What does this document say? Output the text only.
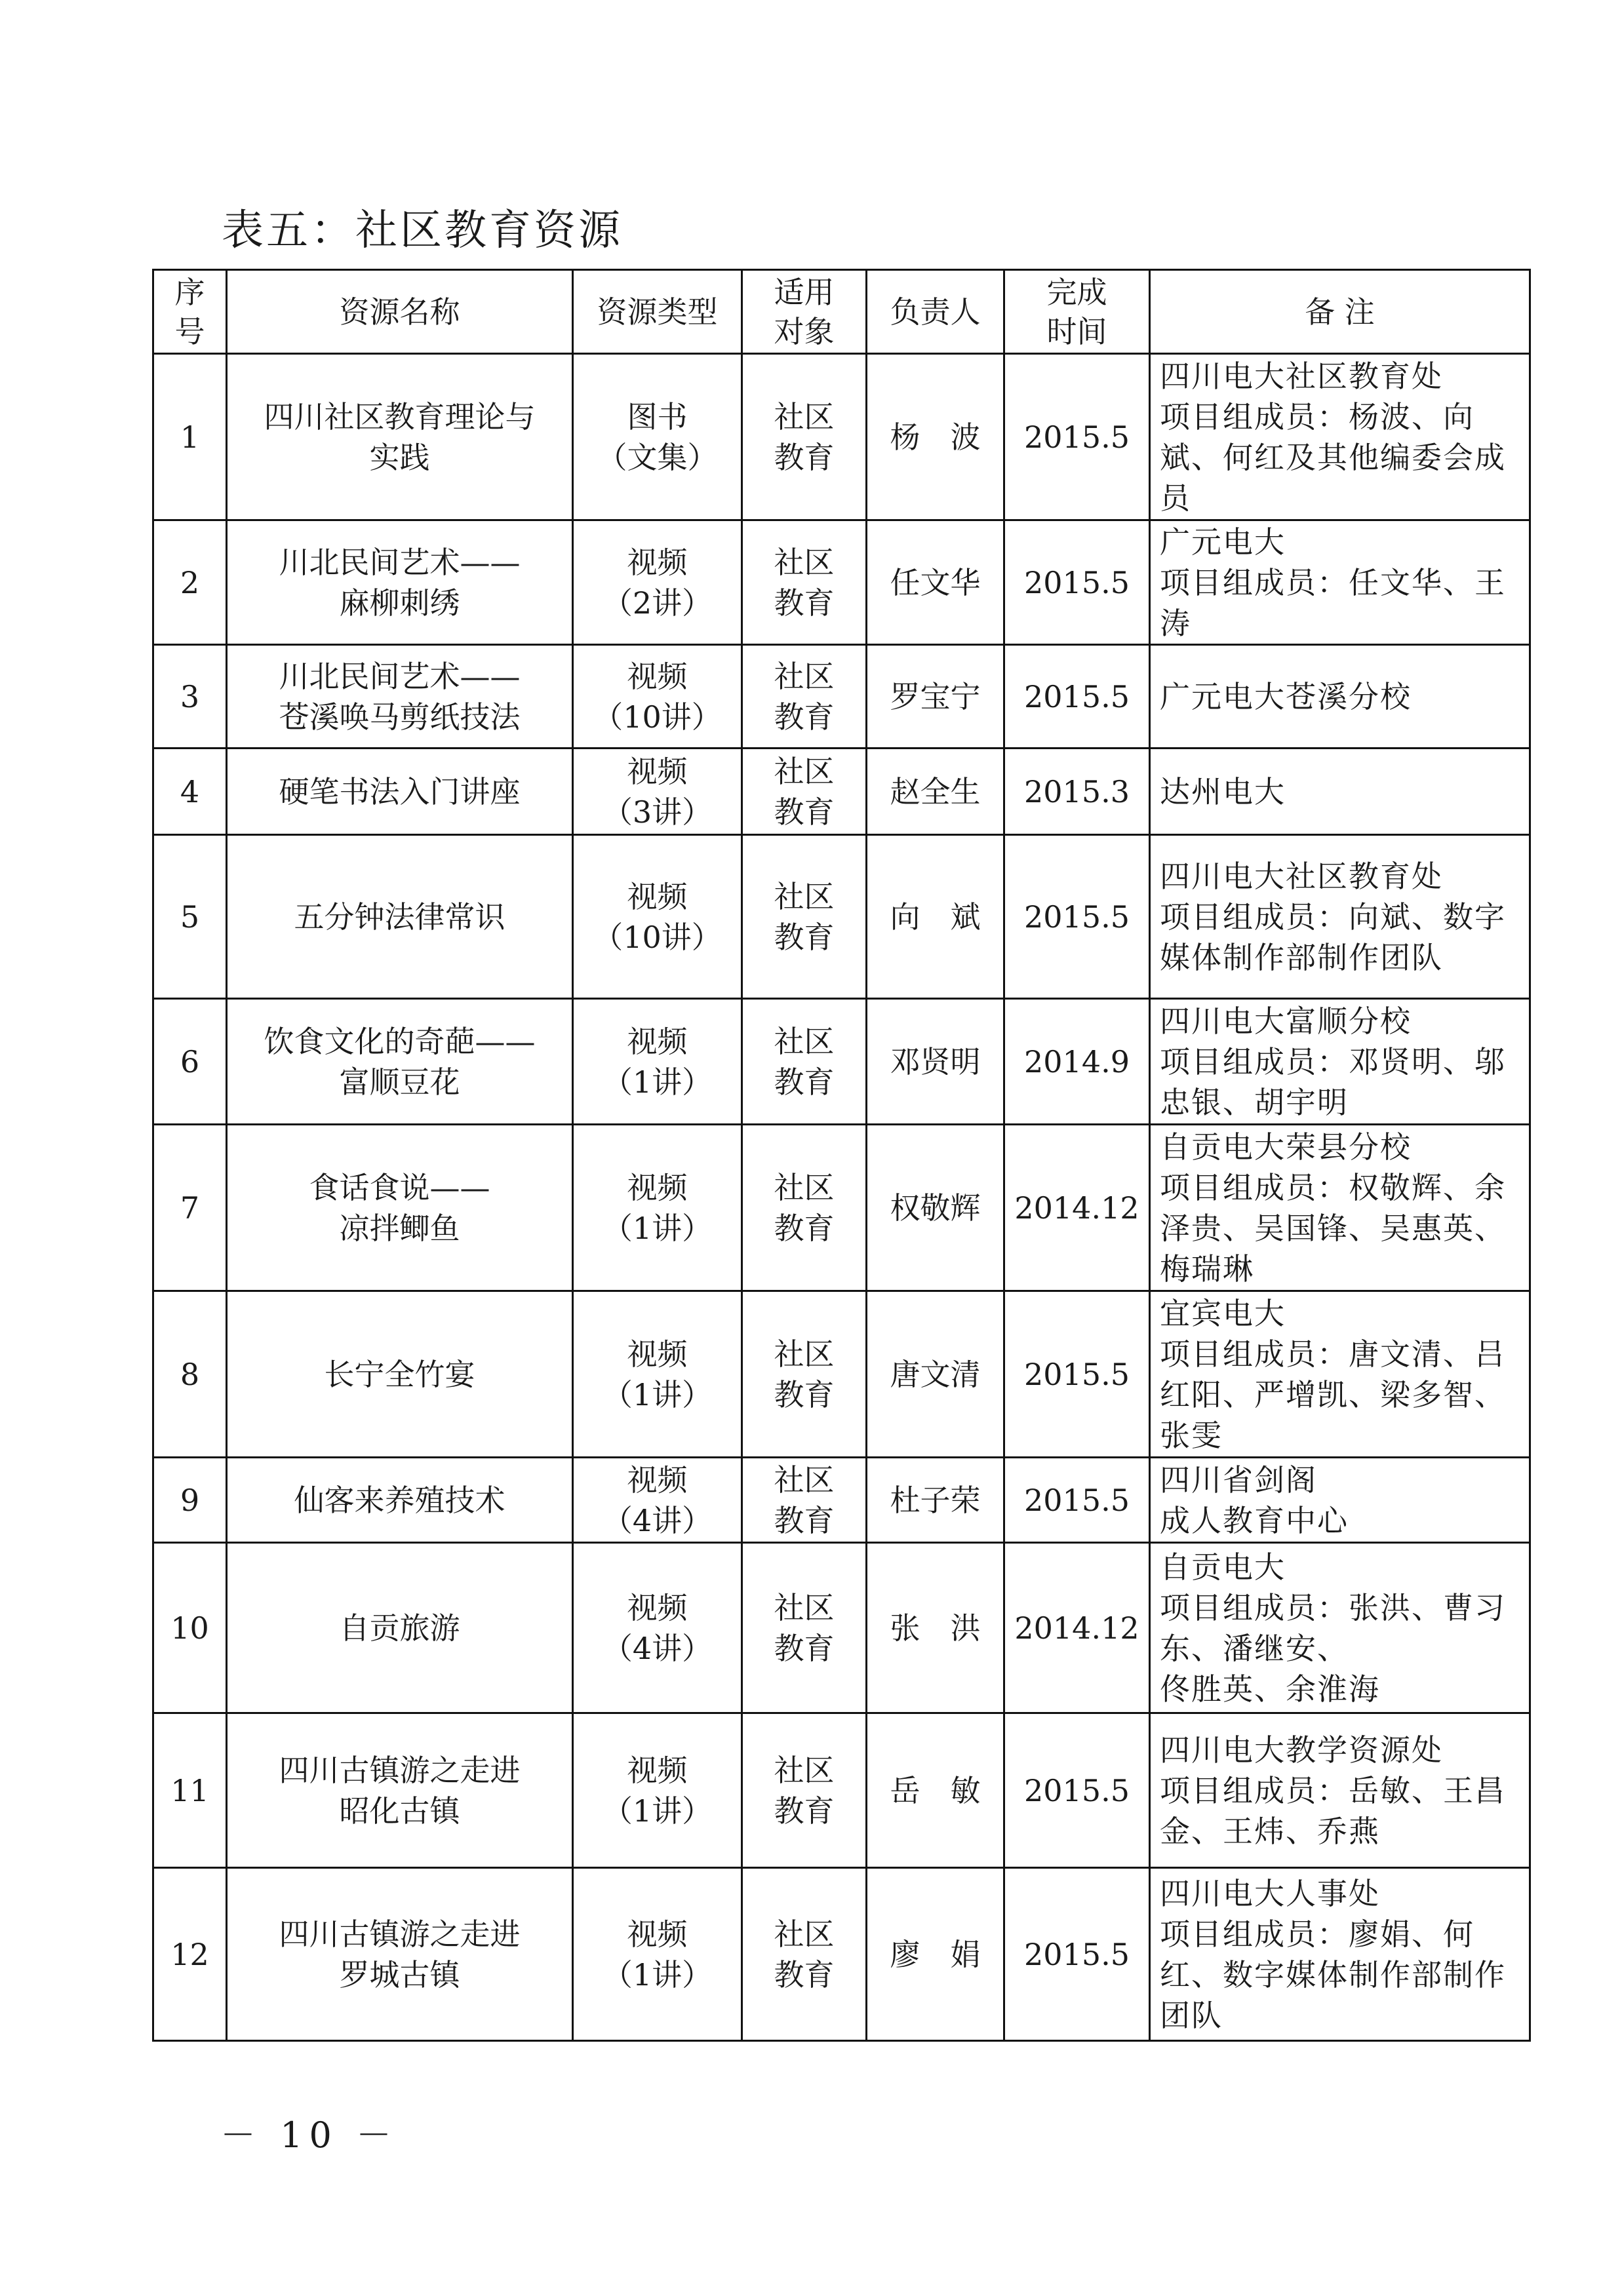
表五：社区教育资源
序
号	资源名称	资源类型	适用
对象	负责人	完成
时间	备 注

1	四川社区教育理论与
实践	图书
（文集）	社区
教育	杨　波	2015.5	四川电大社区教育处
项目组成员：杨波、向斌、何红及其他编委会成员

2	川北民间艺术——
麻柳刺绣	视频
（2讲）	社区
教育	任文华	2015.5	广元电大
项目组成员：任文华、王涛

3	川北民间艺术——
苍溪唤马剪纸技法	视频
（10讲）	社区
教育	罗宝宁	2015.5	广元电大苍溪分校

4	硬笔书法入门讲座	视频
（3讲）	社区
教育	赵全生	2015.3	达州电大

5	五分钟法律常识	视频
（10讲）	社区
教育	向　斌	2015.5	四川电大社区教育处
项目组成员：向斌、数字媒体制作部制作团队

6	饮食文化的奇葩——
富顺豆花	视频
（1讲）	社区
教育	邓贤明	2014.9	四川电大富顺分校
项目组成员：邓贤明、邬忠银、胡宇明

7	食话食说——
凉拌鲫鱼	视频
（1讲）	社区
教育	权敬辉	2014.12	自贡电大荣县分校
项目组成员：权敬辉、余泽贵、吴国锋、吴惠英、梅瑞琳

8	长宁全竹宴	视频
（1讲）	社区
教育	唐文清	2015.5	宜宾电大
项目组成员：唐文清、吕红阳、严增凯、梁多智、张雯

9	仙客来养殖技术	视频
（4讲）	社区
教育	杜子荣	2015.5	四川省剑阁
成人教育中心

10	自贡旅游	视频
（4讲）	社区
教育	张　洪	2014.12	自贡电大
项目组成员：张洪、曹习东、潘继安、
佟胜英、余淮海

11	四川古镇游之走进
昭化古镇	视频
（1讲）	社区
教育	岳　敏	2015.5	四川电大教学资源处
项目组成员：岳敏、王昌金、王炜、乔燕

12	四川古镇游之走进
罗城古镇	视频
（1讲）	社区
教育	廖　娟	2015.5	四川电大人事处
项目组成员：廖娟、何红、数字媒体制作部制作团队
－ 10 －
